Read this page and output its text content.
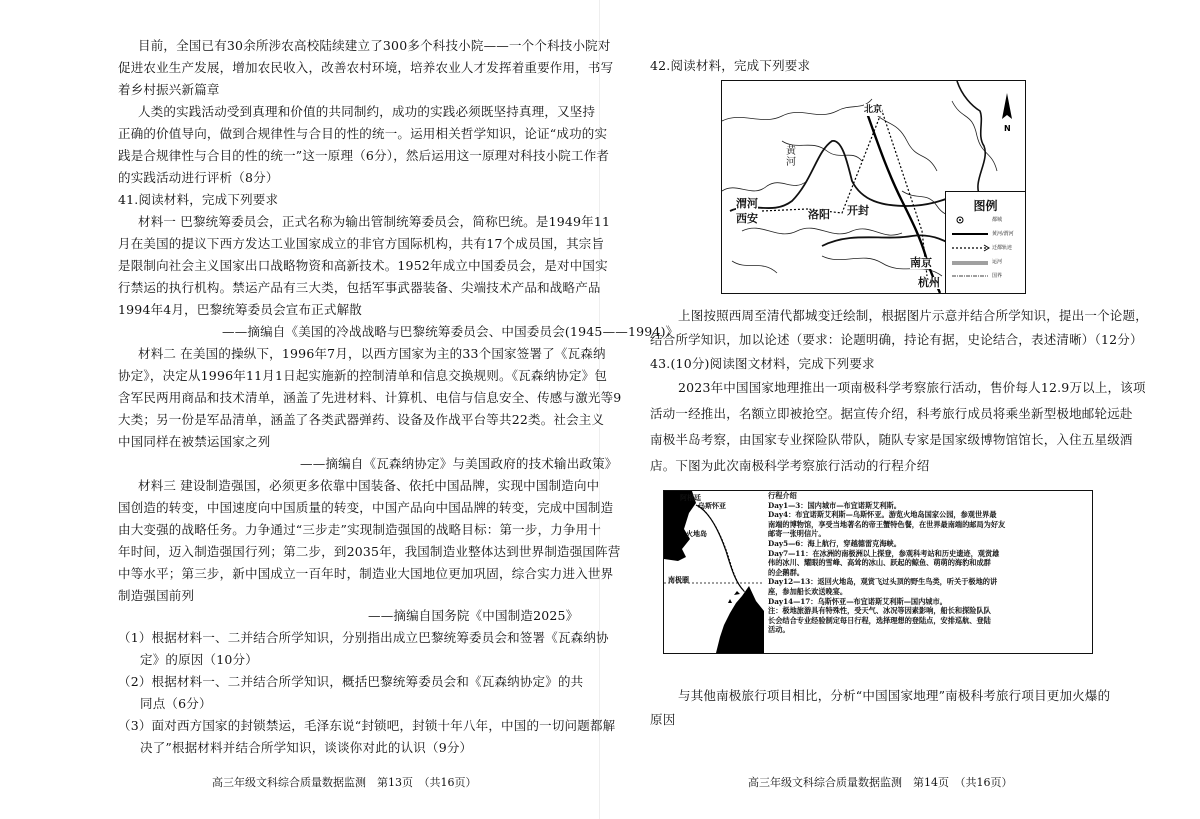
目前，全国已有30余所涉农高校陆续建立了300多个科技小院——一个个科技小院对
促进农业生产发展，增加农民收入，改善农村环境，培养农业人才发挥着重要作用，书写
着乡村振兴新篇章
人类的实践活动受到真理和价值的共同制约，成功的实践必须既坚持真理，又坚持
正确的价值导向，做到合规律性与合目的性的统一。运用相关哲学知识，论证“成功的实
践是合规律性与合目的性的统一”这一原理（6分），然后运用这一原理对科技小院工作者
的实践活动进行评析（8分）
41.阅读材料，完成下列要求
材料一 巴黎统筹委员会，正式名称为输出管制统筹委员会，简称巴统。是1949年11
月在美国的提议下西方发达工业国家成立的非官方国际机构，共有17个成员国，其宗旨
是限制向社会主义国家出口战略物资和高新技术。1952年成立中国委员会，是对中国实
行禁运的执行机构。禁运产品有三大类，包括军事武器装备、尖端技术产品和战略产品
1994年4月，巴黎统筹委员会宣布正式解散
——摘编自《美国的冷战战略与巴黎统筹委员会、中国委员会(1945——1994)》
材料二 在美国的操纵下，1996年7月，以西方国家为主的33个国家签署了《瓦森纳
协定》，决定从1996年11月1日起实施新的控制清单和信息交换规则。《瓦森纳协定》包
含军民两用商品和技术清单，涵盖了先进材料、计算机、电信与信息安全、传感与激光等9
大类；另一份是军品清单，涵盖了各类武器弹药、设备及作战平台等共22类。社会主义
中国同样在被禁运国家之列
——摘编自《瓦森纳协定》与美国政府的技术输出政策》
材料三 建设制造强国，必须更多依靠中国装备、依托中国品牌，实现中国制造向中
国创造的转变，中国速度向中国质量的转变，中国产品向中国品牌的转变，完成中国制造
由大变强的战略任务。力争通过“三步走”实现制造强国的战略目标：第一步，力争用十
年时间，迈入制造强国行列；第二步，到2035年，我国制造业整体达到世界制造强国阵营
中等水平；第三步，新中国成立一百年时，制造业大国地位更加巩固，综合实力进入世界
制造强国前列
——摘编自国务院《中国制造2025》
（1）根据材料一、二并结合所学知识，分别指出成立巴黎统筹委员会和签署《瓦森纳协
定》的原因（10分）
（2）根据材料一、二并结合所学知识，概括巴黎统筹委员会和《瓦森纳协定》的共
同点（6分）
（3）面对西方国家的封锁禁运，毛泽东说“封锁吧，封锁十年八年，中国的一切问题都解
决了”根据材料并结合所学知识，谈谈你对此的认识（9分）
高三年级文科综合质量数据监测　第13页　（共16页）
42.阅读材料，完成下列要求
N
北京
渭河
西安	洛阳 开封
南京
杭州
黄河
图例
都城
黄河/渭河
迁都轨迹
运河
国界
上图按照西周至清代都城变迁绘制，根据图片示意并结合所学知识，提出一个论题，
结合所学知识，加以论述（要求：论题明确，持论有据，史论结合，表述清晰）（12分）
43.(10分)阅读图文材料，完成下列要求
2023年中国国家地理推出一项南极科学考察旅行活动，售价每人12.9万以上，该项
活动一经推出，名额立即被抢空。据宣传介绍，科考旅行成员将乘坐新型极地邮轮远赴
南极半岛考察，由国家专业探险队带队，随队专家是国家级博物馆馆长，入住五星级酒
店。下图为此次南极科学考察旅行活动的行程介绍
乌斯怀亚
火地岛
南极圈
南极
阿根廷	行程介绍
Day1—3：国内城市—布宜诺斯艾利斯。
Day4：布宜诺斯艾利斯—乌斯怀亚。游览火地岛国家公园，参观世界最
南端的博物馆，享受当地著名的帝王蟹特色餐，在世界最南端的邮局为好友
邮寄一张明信片。
Day5—6：海上航行，穿越德雷克海峡。
Day7—11：在冰洲的南极洲以上探登，参观科考站和历史遗迹，观赏雄
伟的冰川、耀眼的雪峰、高耸的冰山、跃起的鲸鱼、萌萌的海豹和成群
的企鹅群。
Day12—13：返回火地岛，观赏飞过头顶的野生鸟类，听关于极地的讲
座，参加船长欢送晚宴。
Day14—17：乌斯怀亚—布宜诺斯艾利斯—国内城市。
注：极地旅游具有特殊性，受天气、冰况等因素影响，船长和探险队队
长会结合专业经验制定每日行程，选择理想的登陆点，安排巡航、登陆
活动。
与其他南极旅行项目相比，分析“中国国家地理”南极科考旅行项目更加火爆的
原因
高三年级文科综合质量数据监测　第14页　（共16页）
